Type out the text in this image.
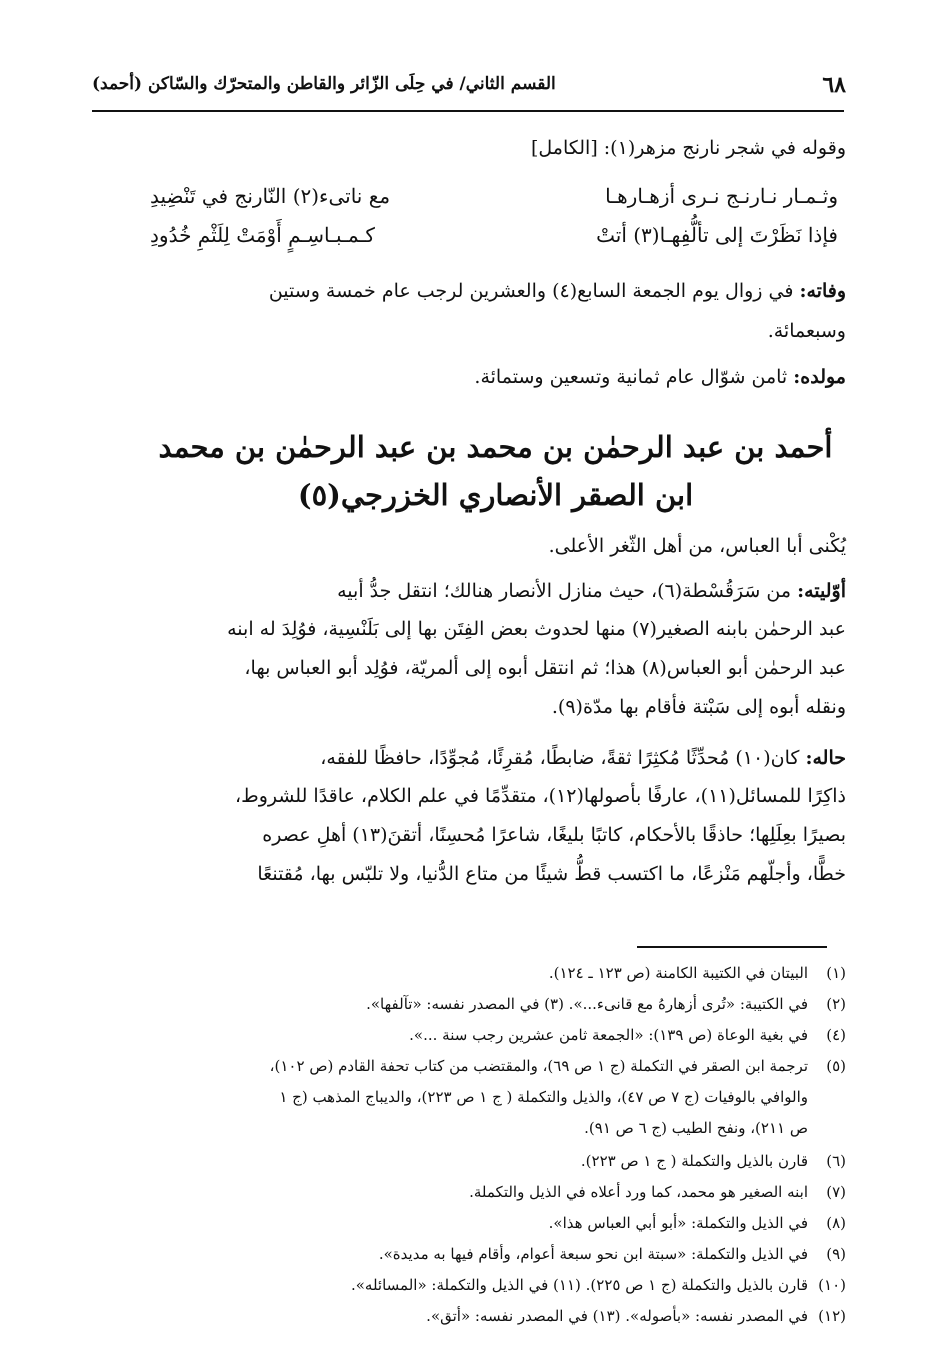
٦٨
القسم الثاني/ في حِلَى الزّائر والقاطن والمتحرّك والسّاكن (أحمد)
وقوله في شجر نارنج مزهر(١): [الكامل]
وثـمـار نـارنـج نـرى أزهـارهـا
مع ناتىء(٢) النّارنج في تَنْضِيدِ
فإذا نَظَرْتَ إلى تألُّفِهـا(٣) أتتْ
كـمـبـاسِـمٍ أَوْمَتْ لِلَثْمِ خُدُودِ
وفاته: في زوال يوم الجمعة السابع(٤) والعشرين لرجب عام خمسة وستين
وسبعمائة.
مولده: ثامن شوّال عام ثمانية وتسعين وستمائة.
أحمد بن عبد الرحمٰن بن محمد بن عبد الرحمٰن بن محمد
ابن الصقر الأنصاري الخزرجي(٥)
يُكْنى أبا العباس، من أهل الثّغر الأعلى.
أوّليته: من سَرَقُسْطة(٦)، حيث منازل الأنصار هنالك؛ انتقل جدُّ أبيه
عبد الرحمٰن بابنه الصغير(٧) منها لحدوث بعض الفِتَن بها إلى بَلَنْسِية، فوُلِدَ له ابنه
عبد الرحمٰن أبو العباس(٨) هذا؛ ثم انتقل أبوه إلى ألمريّة، فوُلِد أبو العباس بها،
ونقله أبوه إلى سَبْتة فأقام بها مدّة(٩).
حاله: كان(١٠) مُحدِّثًا مُكثِرًا ثقةً، ضابطًا، مُقرِئًا، مُجوِّدًا، حافظًا للفقه،
ذاكِرًا للمسائل(١١)، عارفًا بأصولها(١٢)، متقدِّمًا في علم الكلام، عاقدًا للشروط،
بصيرًا بعِلَلِها؛ حاذقًا بالأحكام، كاتبًا بليغًا، شاعرًا مُحسِنًا، أتقنَ(١٣) أهلِ عصره
خطًّا، وأجلّهم مَنْزعًا، ما اكتسب قطُّ شيئًا من متاع الدُّنيا، ولا تلبّس بها، مُقتنعًا
(١)
البيتان في الكتيبة الكامنة (ص ١٢٣ ـ ١٢٤).
(٢)
في الكتيبة: «تُرى أزهارهُ مع قانىء...». (٣) في المصدر نفسه: «تآلفها».
(٤)
في بغية الوعاة (ص ١٣٩): «الجمعة ثامن عشرين رجب سنة ...».
(٥)
ترجمة ابن الصقر في التكملة (ج ١ ص ٦٩)، والمقتضب من كتاب تحفة القادم (ص ١٠٢)،
والوافي بالوفيات (ج ٧ ص ٤٧)، والذيل والتكملة ( ج ١ ص ٢٢٣)، والديباج المذهب (ج ١
ص ٢١١)، ونفح الطيب (ج ٦ ص ٩١).
(٦)
قارن بالذيل والتكملة ( ج ١ ص ٢٢٣).
(٧)
ابنه الصغير هو محمد، كما ورد أعلاه في الذيل والتكملة.
(٨)
في الذيل والتكملة: «أبو أبي العباس هذا».
(٩)
في الذيل والتكملة: «سبتة ابن نحو سبعة أعوام، وأقام فيها به مديدة».
(١٠)
قارن بالذيل والتكملة (ج ١ ص ٢٢٥). (١١) في الذيل والتكملة: «المسائله».
(١٢)
في المصدر نفسه: «بأصوله». (١٣) في المصدر نفسه: «أتق».
